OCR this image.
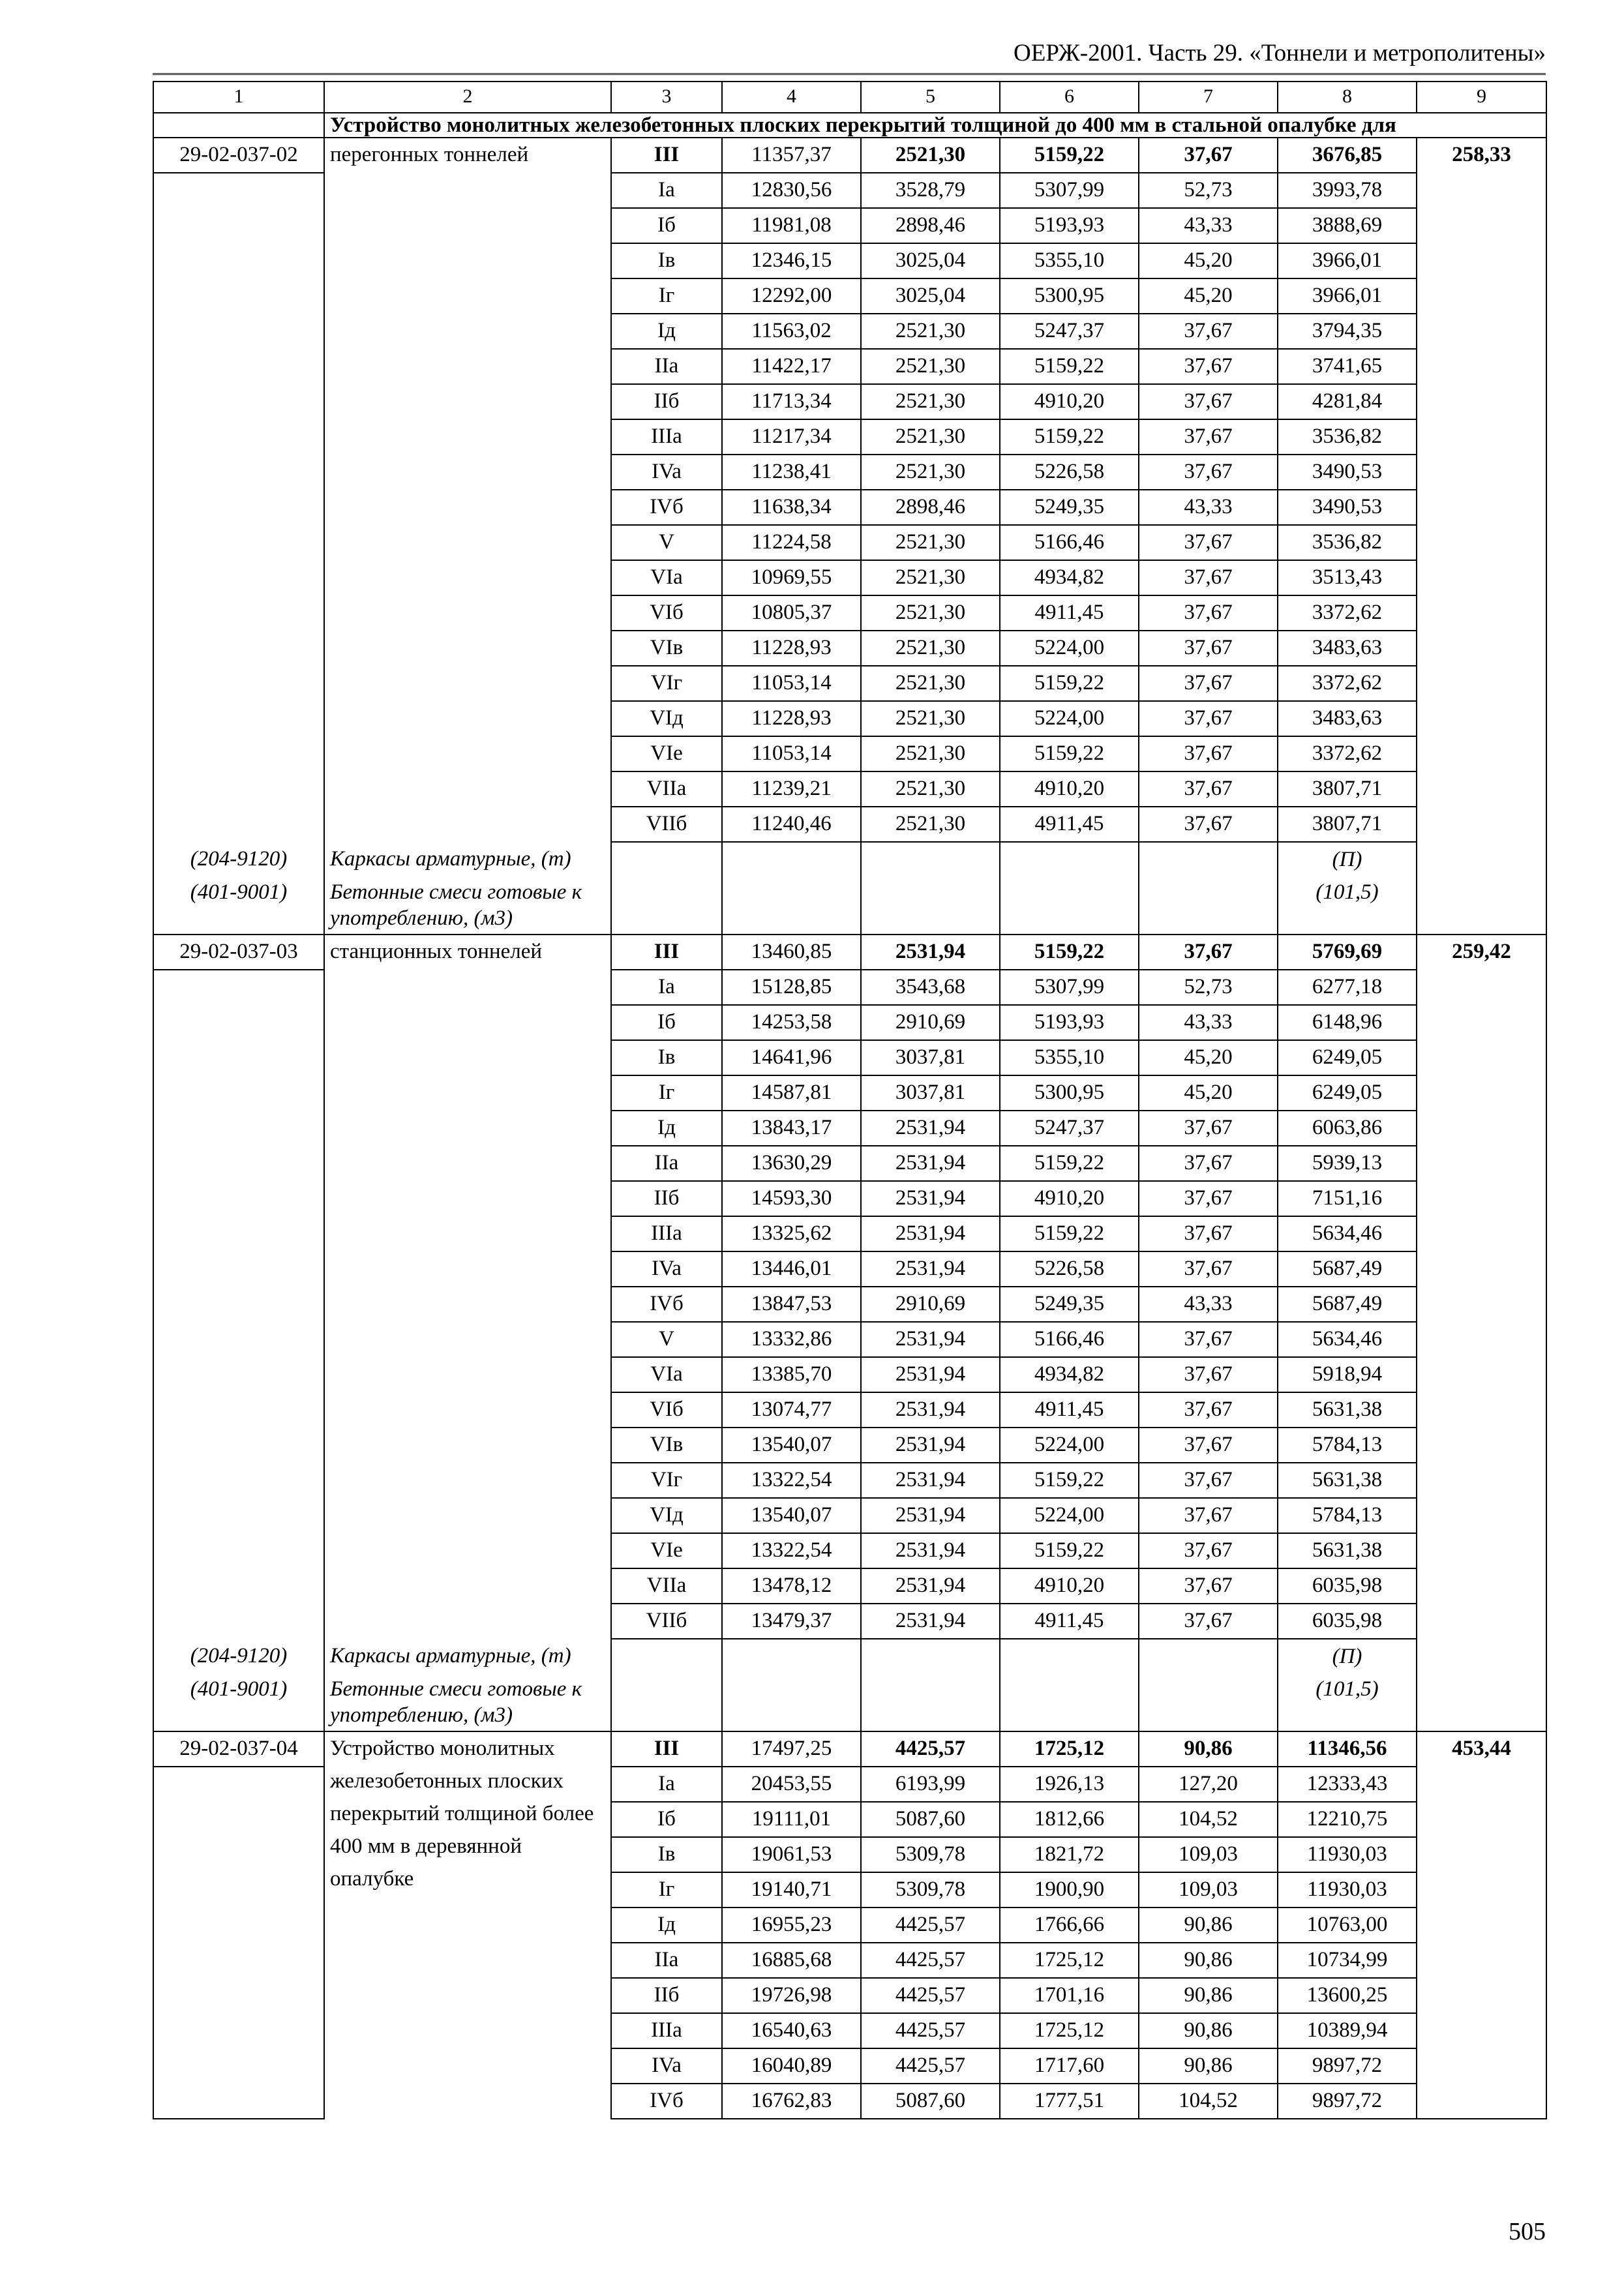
ОЕРЖ-2001. Часть 29. «Тоннели и метрополитены»
1	2	3	4	5	6	7	8	9
	Устройство монолитных железобетонных плоских перекрытий толщиной до 400 мм в стальной опалубке для							
29-02-037-02	перегонных тоннелей	III	11357,37	2521,30	5159,22	37,67	3676,85	258,33
		Ia	12830,56	3528,79	5307,99	52,73	3993,78	
		Iб	11981,08	2898,46	5193,93	43,33	3888,69	
		Iв	12346,15	3025,04	5355,10	45,20	3966,01	
		Iг	12292,00	3025,04	5300,95	45,20	3966,01	
		Iд	11563,02	2521,30	5247,37	37,67	3794,35	
		IIa	11422,17	2521,30	5159,22	37,67	3741,65	
		IIб	11713,34	2521,30	4910,20	37,67	4281,84	
		IIIa	11217,34	2521,30	5159,22	37,67	3536,82	
		IVa	11238,41	2521,30	5226,58	37,67	3490,53	
		IVб	11638,34	2898,46	5249,35	43,33	3490,53	
		V	11224,58	2521,30	5166,46	37,67	3536,82	
		VIa	10969,55	2521,30	4934,82	37,67	3513,43	
		VIб	10805,37	2521,30	4911,45	37,67	3372,62	
		VIв	11228,93	2521,30	5224,00	37,67	3483,63	
		VIг	11053,14	2521,30	5159,22	37,67	3372,62	
		VIд	11228,93	2521,30	5224,00	37,67	3483,63	
		VIe	11053,14	2521,30	5159,22	37,67	3372,62	
		VIIa	11239,21	2521,30	4910,20	37,67	3807,71	
		VIIб	11240,46	2521,30	4911,45	37,67	3807,71	
(204-9120)	Каркасы арматурные, (т)						(П)	
(401-9001)	Бетонные смеси готовые к употреблению, (м3)						(101,5)	
29-02-037-03	станционных тоннелей	III	13460,85	2531,94	5159,22	37,67	5769,69	259,42
		Ia	15128,85	3543,68	5307,99	52,73	6277,18	
		Iб	14253,58	2910,69	5193,93	43,33	6148,96	
		Iв	14641,96	3037,81	5355,10	45,20	6249,05	
		Iг	14587,81	3037,81	5300,95	45,20	6249,05	
		Iд	13843,17	2531,94	5247,37	37,67	6063,86	
		IIa	13630,29	2531,94	5159,22	37,67	5939,13	
		IIб	14593,30	2531,94	4910,20	37,67	7151,16	
		IIIa	13325,62	2531,94	5159,22	37,67	5634,46	
		IVa	13446,01	2531,94	5226,58	37,67	5687,49	
		IVб	13847,53	2910,69	5249,35	43,33	5687,49	
		V	13332,86	2531,94	5166,46	37,67	5634,46	
		VIa	13385,70	2531,94	4934,82	37,67	5918,94	
		VIб	13074,77	2531,94	4911,45	37,67	5631,38	
		VIв	13540,07	2531,94	5224,00	37,67	5784,13	
		VIг	13322,54	2531,94	5159,22	37,67	5631,38	
		VIд	13540,07	2531,94	5224,00	37,67	5784,13	
		VIe	13322,54	2531,94	5159,22	37,67	5631,38	
		VIIa	13478,12	2531,94	4910,20	37,67	6035,98	
		VIIб	13479,37	2531,94	4911,45	37,67	6035,98	
(204-9120)	Каркасы арматурные, (т)						(П)	
(401-9001)	Бетонные смеси готовые к употреблению, (м3)						(101,5)	
29-02-037-04	Устройство монолитных железобетонных плоских перекрытий толщиной более 400 мм в деревянной опалубке	III	17497,25	4425,57	1725,12	90,86	11346,56	453,44
		Ia	20453,55	6193,99	1926,13	127,20	12333,43	
		Iб	19111,01	5087,60	1812,66	104,52	12210,75	
		Iв	19061,53	5309,78	1821,72	109,03	11930,03	
		Iг	19140,71	5309,78	1900,90	109,03	11930,03	
		Iд	16955,23	4425,57	1766,66	90,86	10763,00	
		IIa	16885,68	4425,57	1725,12	90,86	10734,99	
		IIб	19726,98	4425,57	1701,16	90,86	13600,25	
		IIIa	16540,63	4425,57	1725,12	90,86	10389,94	
		IVa	16040,89	4425,57	1717,60	90,86	9897,72	
		IVб	16762,83	5087,60	1777,51	104,52	9897,72	
505
